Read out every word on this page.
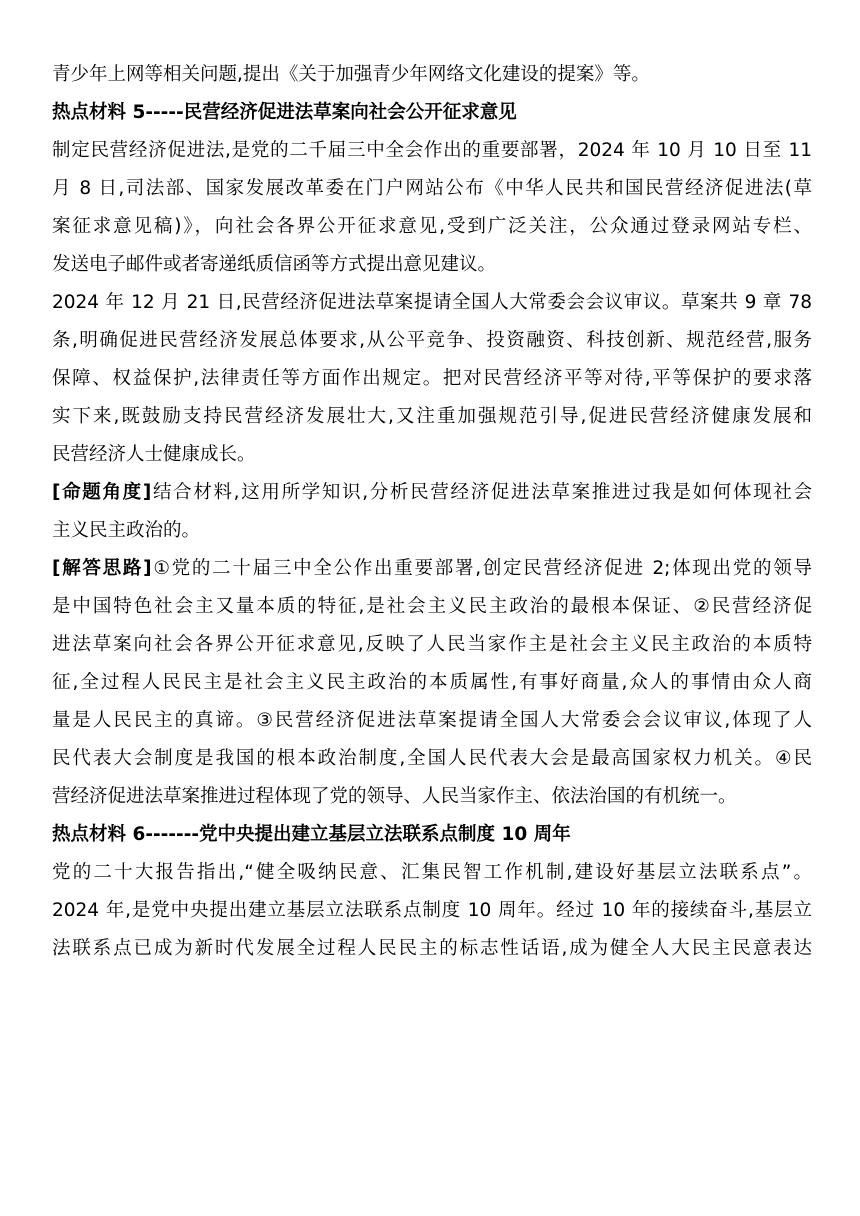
青少年上网等相关问题,提出《关于加强青少年网络文化建设的提案》等。
热点材料 5-----民营经济促进法草案向社会公开征求意见
制定民营经济促进法,是党的二千届三中全会作出的重要部署，2024 年 10 月 10 日至 11
月 8 日,司法部、国家发展改革委在门户网站公布《中华人民共和国民营经济促进法(草
案征求意见稿)》，向社会各界公开征求意见,受到广泛关注，公众通过登录网站专栏、
发送电子邮件或者寄递纸质信函等方式提出意见建议。
2024 年 12 月 21 日,民营经济促进法草案提请全国人大常委会会议审议。草案共 9 章 78
条,明确促进民营经济发展总体要求,从公平竞争、投资融资、科技创新、规范经营,服务
保障、权益保护,法律责任等方面作出规定。把对民营经济平等对待,平等保护的要求落
实下来,既鼓励支持民营经济发展壮大,又注重加强规范引导,促进民营经济健康发展和
民营经济人士健康成长。
[命题角度]结合材料,这用所学知识,分析民营经济促进法草案推进过我是如何体现社会
主义民主政治的。
[解答思路]①党的二十届三中全公作出重要部署,创定民营经济促进 2;体现出党的领导
是中国特色社会主又量本质的特征,是社会主义民主政治的最根本保证、②民营经济促
进法草案向社会各界公开征求意见,反映了人民当家作主是社会主义民主政治的本质特
征,全过程人民民主是社会主义民主政治的本质属性,有事好商量,众人的事情由众人商
量是人民民主的真谛。③民营经济促进法草案提请全国人大常委会会议审议,体现了人
民代表大会制度是我国的根本政治制度,全国人民代表大会是最高国家权力机关。④民
营经济促进法草案推进过程体现了党的领导、人民当家作主、依法治国的有机统一。
热点材料 6-------党中央提出建立基层立法联系点制度 10 周年
党的二十大报告指出,“健全吸纳民意、汇集民智工作机制,建设好基层立法联系点”。
2024 年,是党中央提出建立基层立法联系点制度 10 周年。经过 10 年的接续奋斗,基层立
法联系点已成为新时代发展全过程人民民主的标志性话语,成为健全人大民主民意表达
